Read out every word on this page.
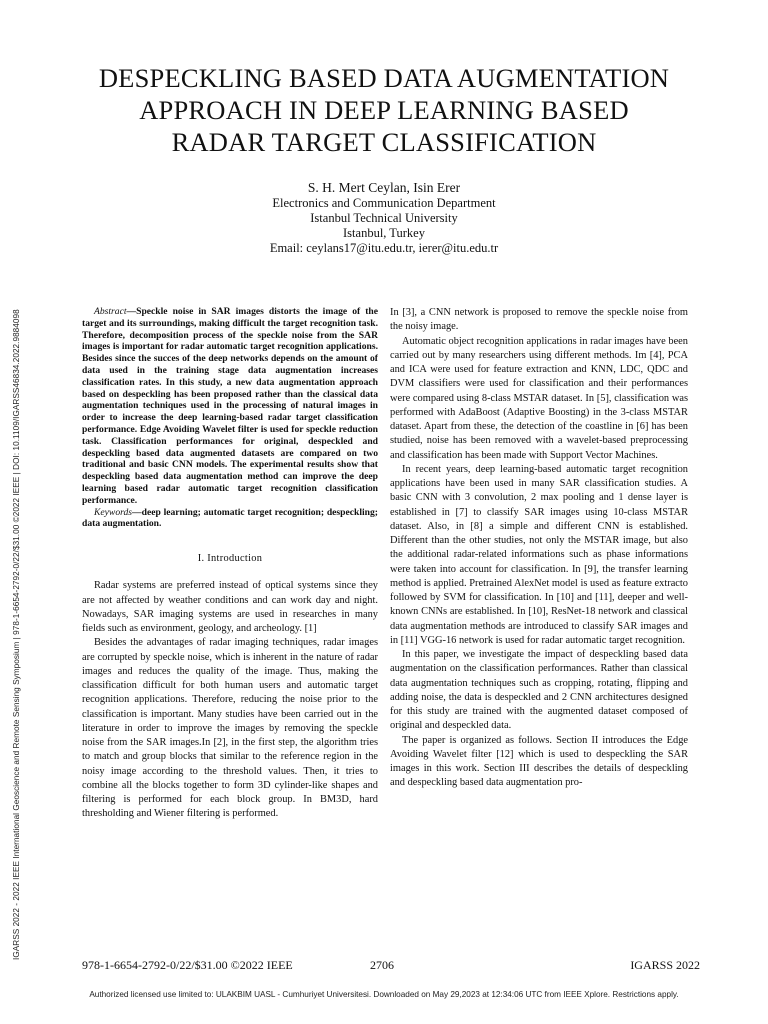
DESPECKLING BASED DATA AUGMENTATION
APPROACH IN DEEP LEARNING BASED
RADAR TARGET CLASSIFICATION
S. H. Mert Ceylan, Isin Erer
Electronics and Communication Department
Istanbul Technical University
Istanbul, Turkey
Email: ceylans17@itu.edu.tr, ierer@itu.edu.tr
IGARSS 2022 - 2022 IEEE International Geoscience and Remote Sensing Symposium | 978-1-6654-2792-0/22/$31.00 ©2022 IEEE | DOI: 10.1109/IGARSS46834.2022.9884098	Abstract—Speckle noise in SAR images distorts the image of the target and its surroundings, making difficult the target recognition task. Therefore, decomposition process of the speckle noise from the SAR images is important for radar automatic target recognition applications. Besides since the succes of the deep networks depends on the amount of data used in the training stage data augmentation increases classification rates. In this study, a new data augmentation approach based on despeckling has been proposed rather than the classical data augmentation techniques used in the processing of natural images in order to increase the deep learning-based radar target classification performance. Edge Avoiding Wavelet filter is used for speckle reduction task. Classification performances for original, despeckled and despeckling based data augmented datasets are compared on two traditional and basic CNN models. The experimental results show that despeckling based data augmentation method can improve the deep learning based radar automatic target recognition classification performance.

Keywords—deep learning; automatic target recognition; despeckling; data augmentation.

I. Introduction

Radar systems are preferred instead of optical systems since they are not affected by weather conditions and can work day and night. Nowadays, SAR imaging systems are used in researches in many fields such as environment, geology, and archeology. [1]

Besides the advantages of radar imaging techniques, radar images are corrupted by speckle noise, which is inherent in the nature of radar images and reduces the quality of the image. Thus, making the classification difficult for both human users and automatic target recognition applications. Therefore, reducing the noise prior to the classification is important. Many studies have been carried out in the literature in order to improve the images by removing the speckle noise from the SAR images.In [2], in the first step, the algorithm tries to match and group blocks that similar to the reference region in the noisy image according to the threshold values. Then, it tries to combine all the blocks together to form 3D cylinder-like shapes and filtering is performed for each block group. In BM3D, hard thresholding and Wiener filtering is performed.

In [3], a CNN network is proposed to remove the speckle noise from the noisy image.

Automatic object recognition applications in radar images have been carried out by many researchers using different methods. Im [4], PCA and ICA were used for feature extraction and KNN, LDC, QDC and DVM classifiers were used for classification and their performances were compared using 8-class MSTAR dataset. In [5], classification was performed with AdaBoost (Adaptive Boosting) in the 3-class MSTAR dataset. Apart from these, the detection of the coastline in [6] has been studied, noise has been removed with a wavelet-based preprocessing and classification has been made with Support Vector Machines.

In recent years, deep learning-based automatic target recognition applications have been used in many SAR classification studies. A basic CNN with 3 convolution, 2 max pooling and 1 dense layer is established in [7] to classify SAR images using 10-class MSTAR dataset. Also, in [8] a simple and different CNN is established. Different than the other studies, not only the MSTAR image, but also the additional radar-related informations such as phase informations were taken into account for classification. In [9], the transfer learning method is applied. Pretrained AlexNet model is used as feature extracto followed by SVM for classification. In [10] and [11], deeper and well-known CNNs are established. In [10], ResNet-18 network and classical data augmentation methods are introduced to classify SAR images and in [11] VGG-16 network is used for radar automatic target recognition.

In this paper, we investigate the impact of despeckling based data augmentation on the classification performances. Rather than classical data augmentation techniques such as cropping, rotating, flipping and adding noise, the data is despeckled and 2 CNN architectures designed for this study are trained with the augmented dataset composed of original and despeckled data.

The paper is organized as follows. Section II introduces the Edge Avoiding Wavelet filter [12] which is used to despeckling the SAR images in this work. Section III describes the details of despeckling and despeckling based data augmentation pro-

978-1-6654-2792-0/22/$31.00 ©2022 IEEE	2706	IGARSS 2022
Authorized licensed use limited to: ULAKBIM UASL - Cumhuriyet Universitesi. Downloaded on May 29,2023 at 12:34:06 UTC from IEEE Xplore. Restrictions apply.
